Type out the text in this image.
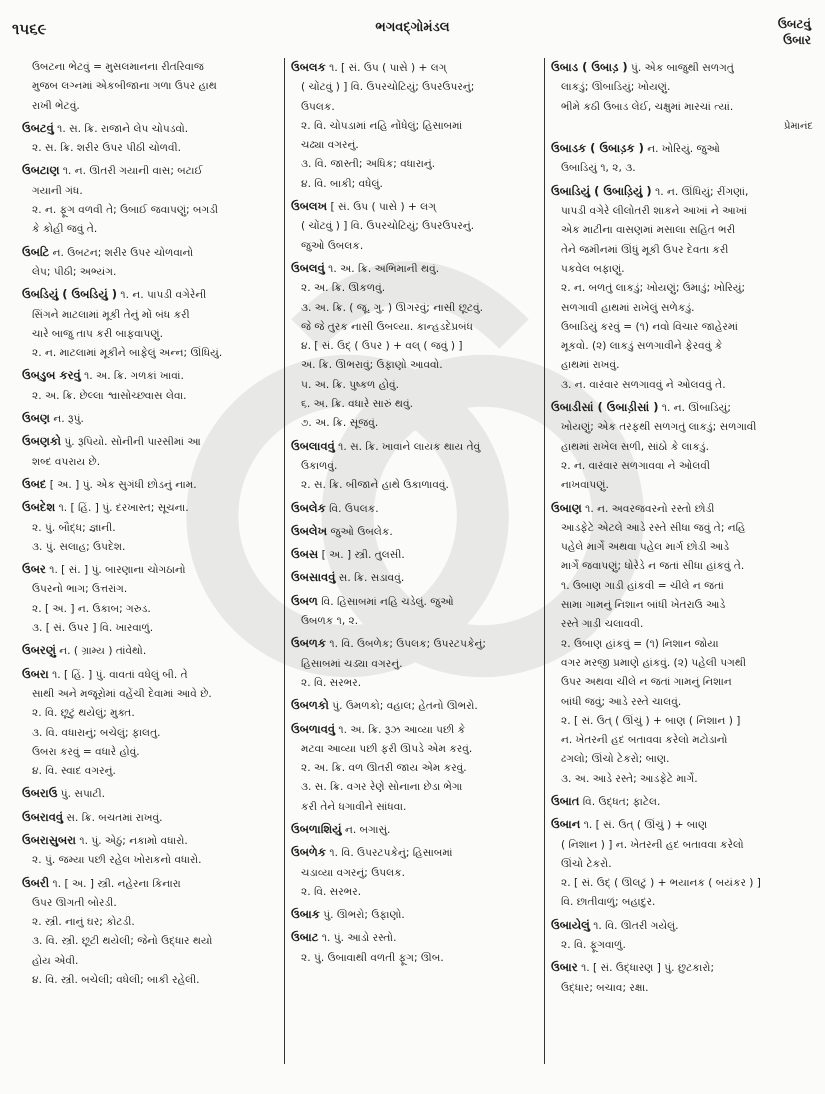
૧૫૬૯	ભગવદ્ગોમંડલ	ઉબટવું
ઉબાર
ઉબટના ભેટવું = મુસલમાનના રીતરિવાજ
મુજબ લગ્નમાં એકબીજાના ગળા ઉપર હાથ
રાખી ભેટવું.
ઉબટવું ૧. સ. ક્રિ. રાજાને લેપ ચોપડવો.
૨. સ. ક્રિ. શરીર ઉપર પીઠી ચોળવી.
ઉબટાણ ૧. ન. ઊતરી ગયાની વાસ; બટાઈ
ગયાની ગંધ.
૨. ન. ફૂગ વળવી તે; ઉબાઈ જવાપણું; બગડી
કે કોહી જવું તે.
ઉબટિ ન. ઉબટન; શરીર ઉપર ચોળવાનો
લેપ; પીઠી; અભ્યંગ.
ઉબડિયું ( ઉબડિયું ) ૧. ન. પાપડી વગેરેની
સિંગને માટલામાં મૂકી તેનું મોં બંધ કરી
ચારે બાજુ તાપ કરી બાફવાપણું.
૨. ન. માટલામાં મૂકીને બાફેલું અન્ન; ઊંધિયું.
ઉબડુબ કરવું ૧. અ. ક્રિ. ગળકાં ખાવાં.
૨. અ. ક્રિ. છેલ્લા શ્વાસોચ્છ્વાસ લેવા.
ઉબણ ન. રૂપું.
ઉબણકો પું. રૂપિયો. સોનીની પારસીમાં આ
શબ્દ વપરાય છે.
ઉબદ [ અ. ] પું. એક સુગંધી છોડનું નામ.
ઉબદેશ ૧. [ હિં. ] પું. દરખાસ્ત; સૂચના.
૨. પું. બૌદ્ધ; જ્ઞાની.
૩. પું. સલાહ; ઉપદેશ.
ઉબર ૧. [ સં. ] પું. બારણાના ચોગઠાનો
ઉપરનો ભાગ; ઉત્તરાંગ.
૨. [ અ. ] ન. ઉકાબ; ગરુડ.
૩. [ સં. ઉપર ] વિ. ખારવાળું.
ઉબરણું ન. ( ગ્રામ્ય ) તાંવેથો.
ઉબરા ૧. [ હિં. ] પું. વાવતાં વધેલું બી. તે
સાથી અને મજૂરોમાં વહેંચી દેવામાં આવે છે.
૨. વિ. છૂટું થયેલું; મુક્ત.
૩. વિ. વધારાનું; બચેલું; ફાલતુ.
ઉબરા કરવું = વધારે હોવું.
૪. વિ. સ્વાદ વગરનું.
ઉબરાઉ પું. સપાટી.
ઉબરાવવું સ. ક્રિ. બચતમાં રાખવું.
ઉબરાસુબરા ૧. પું. એઠું; નકામો વધારો.
૨. પું. જમ્યા પછી રહેલ ખોરાકનો વધારો.
ઉબરી ૧. [ અ. ] સ્ત્રી. નહેરના કિનારા
ઉપર ઊગતી બોરડી.
૨. સ્ત્રી. નાનું ઘર; કોટડી.
૩. વિ. સ્ત્રી. છૂટી થયેલી; જેનો ઉદ્ધાર થયો
હોય એવી.
૪. વિ. સ્ત્રી. બચેલી; વધેલી; બાકી રહેલી.
ઉબલક ૧. [ સં. ઉપ ( પાસે ) + લગ્
( ચોંટવું ) ] વિ. ઉપરચોટિયું; ઉપરઉપરનું;
ઉપલક.
૨. વિ. ચોપડામાં નહિ નોંધેલું; હિસાબમાં
ચઢ્યા વગરનું.
૩. વિ. જાસ્તી; અધિક; વધારાનું.
૪. વિ. બાકી; વધેલું.
ઉબલખ [ સં. ઉપ ( પાસે ) + લગ્
( ચોંટવું ) ] વિ. ઉપરચોટિયું; ઉપરઉપરનું.
જુઓ ઉબલક.
ઉબલવું ૧. અ. ક્રિ. અભિમાની થવું.
૨. અ. ક્રિ. ઊકળવું.
૩. અ. ક્રિ. ( જૂ. ગુ. ) ઊગરવું; નાસી છૂટવું.
જે જે તુરક નાસી ઉબલ્યા. કાન્હડદેપ્રબંધ
૪. [ સં. ઉદ્ ( ઉપર ) + વલ્ ( જવું ) ]
અ. ક્રિ. ઊભરાવું; ઉફાણો આવવો.
૫. અ. ક્રિ. પુષ્કળ હોવું.
૬. અ. ક્રિ. વધારે સારું થવું.
૭. અ. ક્રિ. સૂજવું.
ઉબલાવવું ૧. સ. ક્રિ. ખાવાને લાયક થાય તેવું
ઉકાળવું.
૨. સ. ક્રિ. બીજાને હાથે ઉકાળાવવું.
ઉબલેક વિ. ઉપલક.
ઉબલેખ જુઓ ઉબલેક.
ઉબસ [ અ. ] સ્ત્રી. તુલસી.
ઉબસાવવું સ. ક્રિ. સડાવવું.
ઉબળ વિ. હિસાબમાં નહિ ચડેલું. જુઓ
ઉબળક ૧, ૨.
ઉબળક ૧. વિ. ઉબળેક; ઉપલક; ઉપરટપકેનું;
હિસાબમાં ચડ્યા વગરનું.
૨. વિ. સરભર.
ઉબળકો પું. ઉમળકો; વહાલ; હેતનો ઊભરો.
ઉબળાવવું ૧. અ. ક્રિ. રૂઝ આવ્યા પછી કે
મટવા આવ્યા પછી ફરી ઊપડે એમ કરવું.
૨. અ. ક્રિ. વળ ઊતરી જાય એમ કરવું.
૩. સ. ક્રિ. વગર રેણે સોનાના છેડા ભેગા
કરી તેને ધગાવીને સાંધવા.
ઉબળાશિયું ન. બગાસું.
ઉબળેક ૧. વિ. ઉપરટપકેનું; હિસાબમાં
ચડાવ્યા વગરનું; ઉપલક.
૨. વિ. સરભર.
ઉબાક પું. ઊભરો; ઉફાણો.
ઉબાટ ૧. પું. આડો રસ્તો.
૨. પું. ઉબાવાથી વળતી ફૂગ; ઊબ.
ઉબાડ ( ઉબાડ઼ ) પું. એક બાજુથી સળગતું
લાકડું; ઊંબાડિયું; ખોયણું.
ભીમે કઠી ઉબાડ લેઈ, ચક્ષુમાં મારચાં ત્યાં.
પ્રેમાનંદ
ઉબાડક ( ઉબાડ઼ક ) ન. ખોરિયું. જુઓ
ઉબાડિયું ૧, ૨, ૩.
ઉબાડિયું ( ઉબાડ઼િયું ) ૧. ન. ઊંધિયું; રીંગણાં,
પાપડી વગેરે લીલોતરી શાકને આખાં ને આખાં
એક માટીના વાસણમાં મસાલા સહિત ભરી
તેને જમીનમાં ઊંધું મૂકી ઉપર દેવતા કરી
પકવેલ બફાણું.
૨. ન. બળતું લાકડું; ખોયણું; ઉમાડું; ખોરિયું;
સળગાવી હાથમાં રાખેલું સળેકડું.
ઉબાડિયું કરવું = (૧) નવો વિચાર જાહેરમાં
મૂકવો. (૨) લાકડું સળગાવીને ફેરવવું કે
હાથમાં રાખવું.
૩. ન. વારંવાર સળગાવવું ને ઓલવવું તે.
ઉબાડીસાં ( ઉબાડ઼ીસાં ) ૧. ન. ઊંબાડિયું;
ખોયણું; એક તરફથી સળગતું લાકડું; સળગાવી
હાથમાં રાખેલ સળી, સાંઠો કે લાકડું.
૨. ન. વારંવાર સળગાવવા ને ઓલવી
નાખવાપણું.
ઉબાણ ૧. ન. અવરજવરનો રસ્તો છોડી
આડફેટે એટલે આડે રસ્તે સીધા જવું તે; નહિ
પહેલે માર્ગે અથવા પહેલ માર્ગ છોડી આડે
માર્ગે જવાપણું; ધોરેડે ન જતાં સીધા હાંકવું તે.
૧. ઉબાણ ગાડી હાંકવી = ચીલે ન જતાં
સામા ગામનું નિશાન બાંધી ખેતરાઉ આડે
રસ્તે ગાડી ચલાવવી.
૨. ઉબાણ હાંકવું = (૧) નિશાન જોયા
વગર મરજી પ્રમાણે હાંકવું. (૨) પહેલી પગથી
ઉપર અથવા ચીલે ન જતાં ગામનું નિશાન
બાંધી જવું; આડે રસ્તે ચાલવું.
૨. [ સં. ઉત્ ( ઊંચું ) + બાણ ( નિશાન ) ]
ન. ખેતરની હદ બતાવવા કરેલો મટોડાનો
ઢગલો; ઊંચો ટેકરો; બાણ.
૩. અ. આડે રસ્તે; આડફેટે માર્ગે.
ઉબાત વિ. ઉદ્ધત; ફાટેલ.
ઉબાન ૧. [ સં. ઉત્ ( ઊંચું ) + બાણ
( નિશાન ) ] ન. ખેતરની હદ બતાવવા કરેલો
ઊંચો ટેકરો.
૨. [ સં. ઉદ્ ( ઊલટું ) + ભયાનક ( બયંકર ) ]
વિ. છાતીવાળું; બહાદુર.
ઉબાયેલું ૧. વિ. ઊતરી ગયેલું.
૨. વિ. ફૂગવાળું.
ઉબાર ૧. [ સં. ઉદ્ધારણ ] પું. છુટકારો;
ઉદ્ધાર; બચાવ; રક્ષા.
